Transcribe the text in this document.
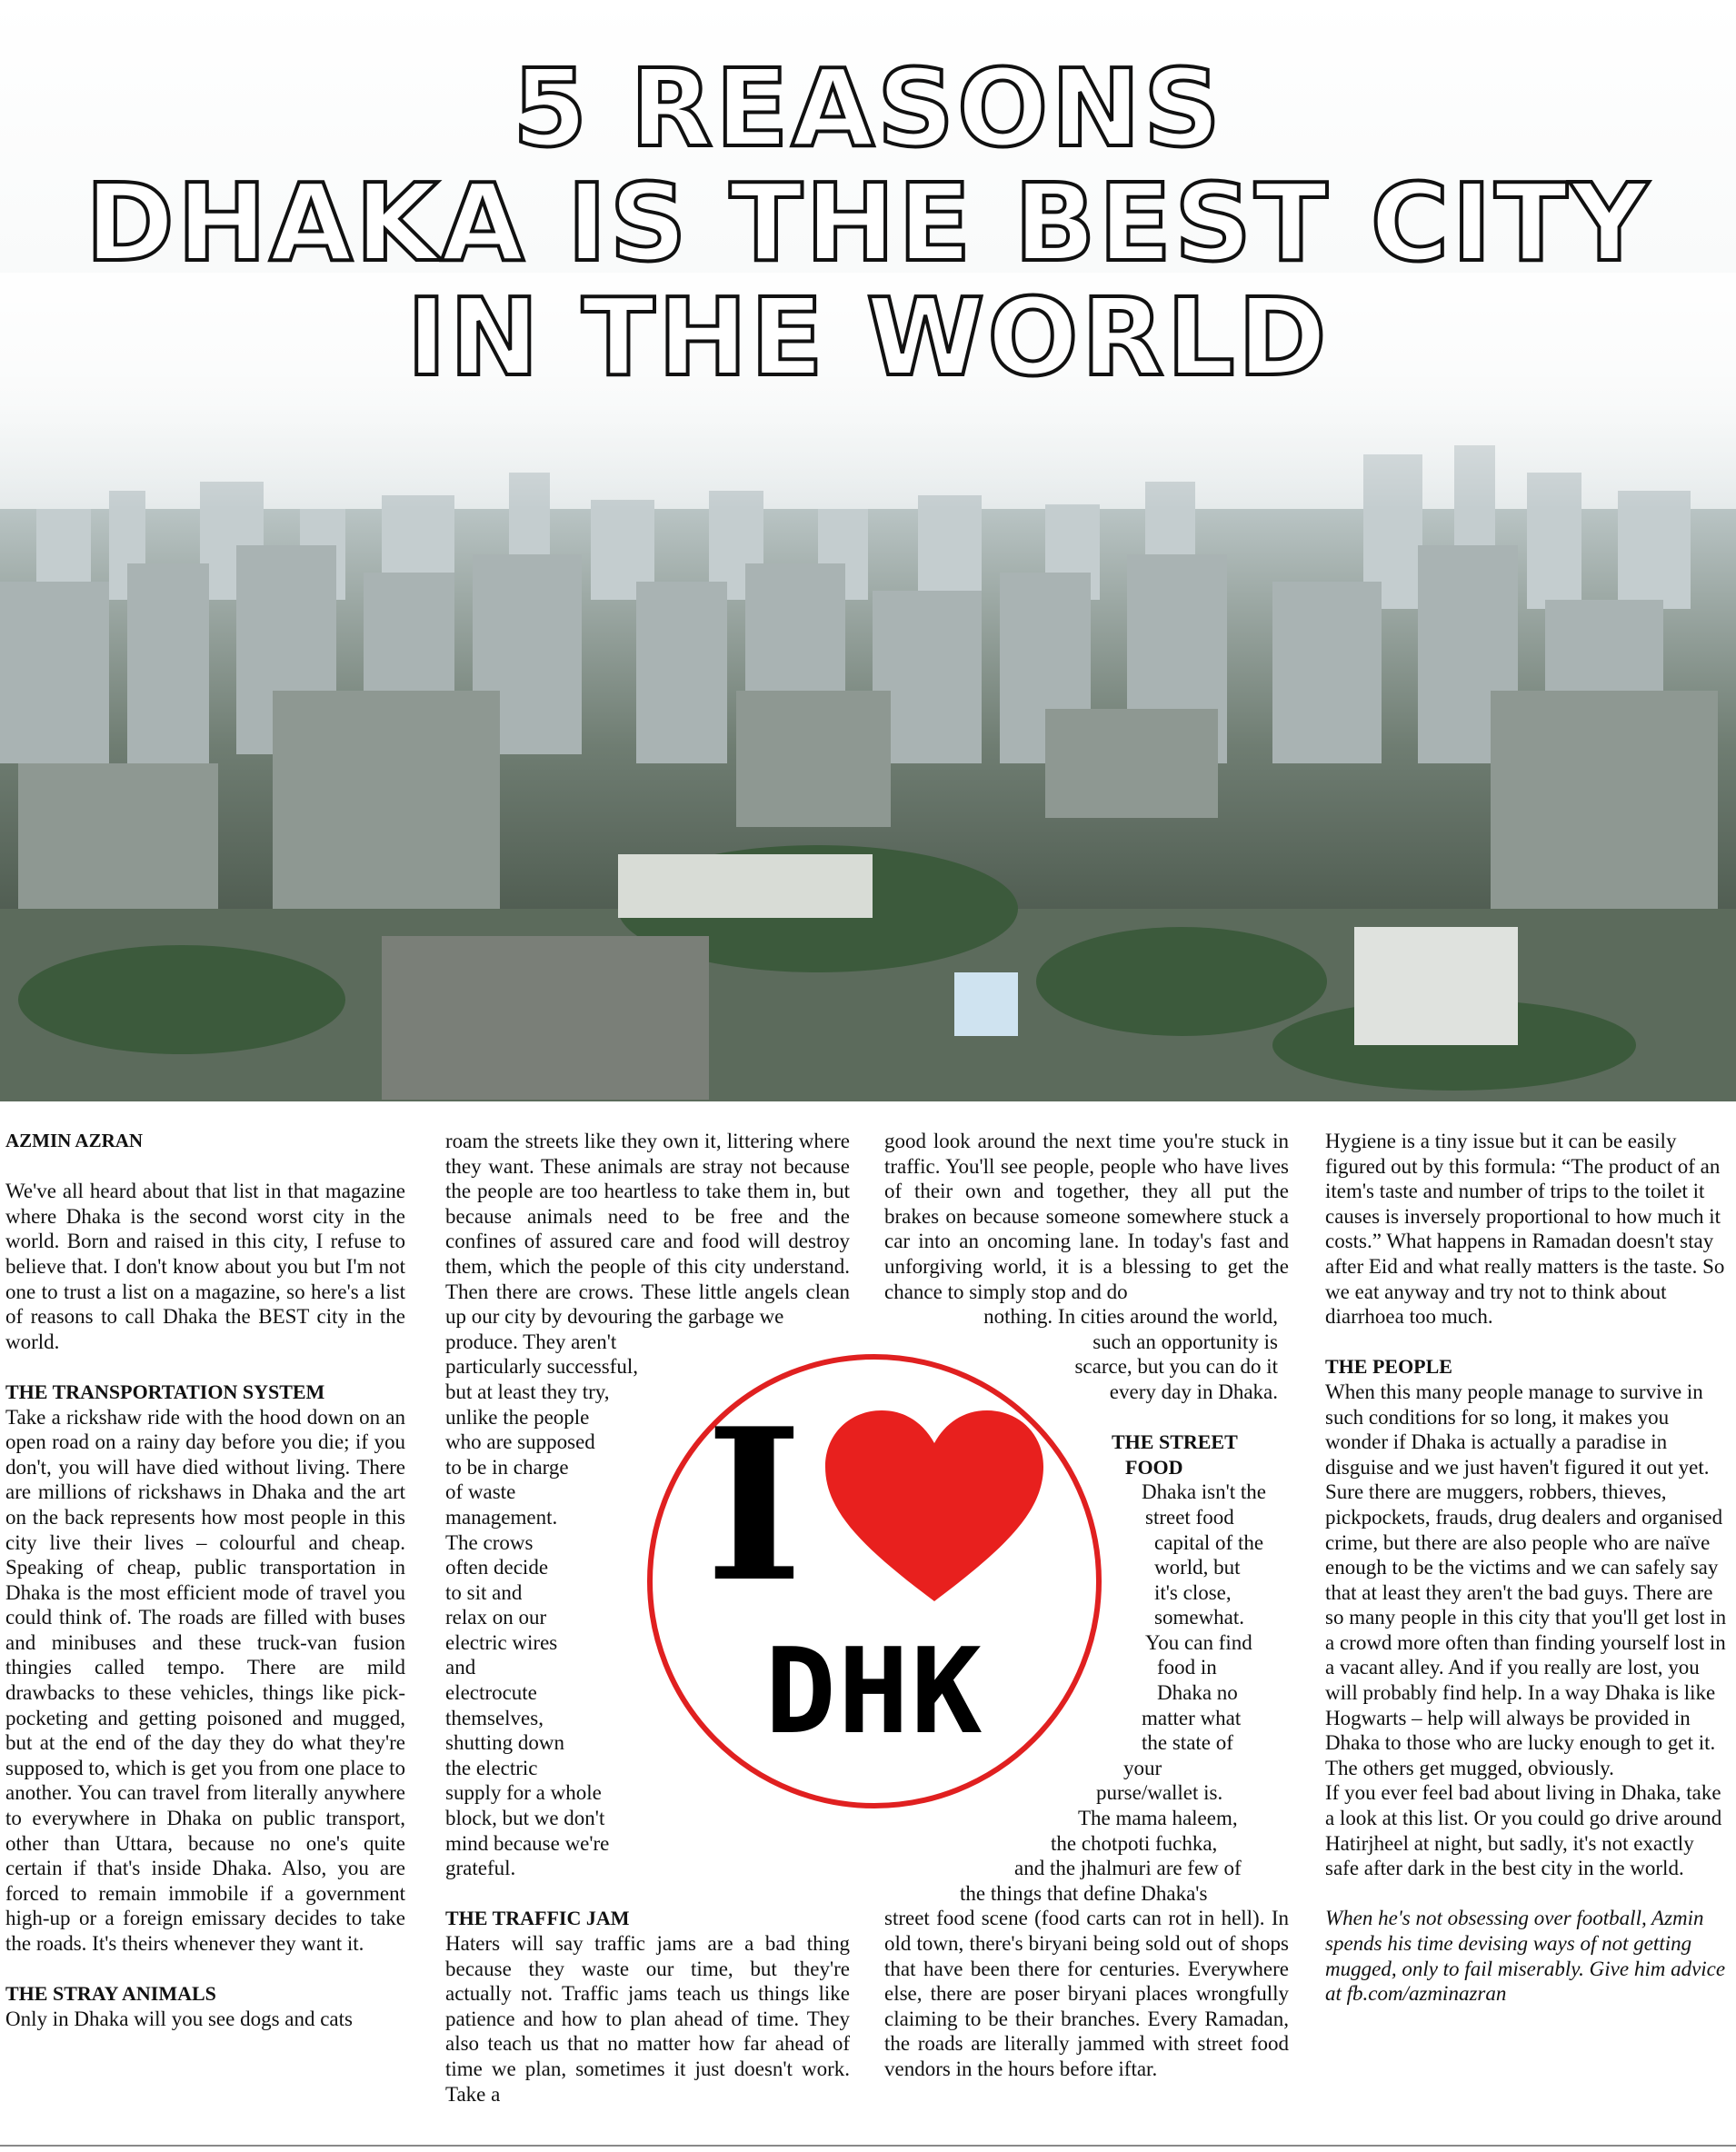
5 REASONS
DHAKA IS THE BEST CITY
IN THE WORLD

AZMIN AZRAN

We've all heard about that list in that magazine where Dhaka is the second worst city in the world. Born and raised in this city, I refuse to believe that. I don't know about you but I'm not one to trust a list on a magazine, so here's a list of reasons to call Dhaka the BEST city in the world.

THE TRANSPORTATION SYSTEM

Take a rickshaw ride with the hood down on an open road on a rainy day before you die; if you don't, you will have died without living. There are millions of rickshaws in Dhaka and the art on the back represents how most people in this city live their lives – colourful and cheap. Speaking of cheap, public transportation in Dhaka is the most efficient mode of travel you could think of. The roads are filled with buses and minibuses and these truck-van fusion thingies called tempo. There are mild drawbacks to these vehicles, things like pick-pocketing and getting poisoned and mugged, but at the end of the day they do what they're supposed to, which is get you from one place to another. You can travel from literally anywhere to everywhere in Dhaka on public transport, other than Uttara, because no one's quite certain if that's inside Dhaka. Also, you are forced to remain immobile if a government high-up or a foreign emissary decides to take the roads. It's theirs whenever they want it.

THE STRAY ANIMALS

Only in Dhaka will you see dogs and cats

roam the streets like they own it, littering where they want. These animals are stray not because the people are too heartless to take them in, but because animals need to be free and the confines of assured care and food will destroy them, which the people of this city understand. Then there are crows. These little angels clean up our city by devouring the garbage we

produce. They aren't
particularly successful,
but at least they try,
unlike the people
who are supposed
to be in charge
of waste
management.
The crows
often decide
to sit and
relax on our
electric wires
and
electrocute
themselves,
shutting down
the electric
supply for a whole
block, but we don't
mind because we're
grateful.
THE TRAFFIC JAM

Haters will say traffic jams are a bad thing because they waste our time, but they're actually not. Traffic jams teach us things like patience and how to plan ahead of time. They also teach us that no matter how far ahead of time we plan, sometimes it just doesn't work. Take a

good look around the next time you're stuck in traffic. You'll see people, people who have lives of their own and together, they all put the brakes on because someone somewhere stuck a car into an oncoming lane. In today's fast and unforgiving world, it is a blessing to get the chance to simply stop and do

nothing. In cities around the world,
such an opportunity is
scarce, but you can do it
every day in Dhaka.
THE STREET
FOOD
Dhaka isn't the
street food
capital of the
world, but
it's close,
somewhat.
You can find
food in
Dhaka no
matter what
the state of
your
purse/wallet is.
The mama haleem,
the chotpoti fuchka,
and the jhalmuri are few of
the things that define Dhaka's

street food scene (food carts can rot in hell). In old town, there's biryani being sold out of shops that have been there for centuries. Everywhere else, there are poser biryani places wrongfully claiming to be their branches. Every Ramadan, the roads are literally jammed with street food vendors in the hours before iftar.

Hygiene is a tiny issue but it can be easily figured out by this formula: “The product of an item's taste and number of trips to the toilet it causes is inversely proportional to how much it costs.” What happens in Ramadan doesn't stay after Eid and what really matters is the taste. So we eat anyway and try not to think about diarrhoea too much.

THE PEOPLE

When this many people manage to survive in such conditions for so long, it makes you wonder if Dhaka is actually a paradise in disguise and we just haven't figured it out yet. Sure there are muggers, robbers, thieves, pickpockets, frauds, drug dealers and organised crime, but there are also people who are naïve enough to be the victims and we can safely say that at least they aren't the bad guys. There are so many people in this city that you'll get lost in a crowd more often than finding yourself lost in a vacant alley. And if you really are lost, you will probably find help. In a way Dhaka is like Hogwarts – help will always be provided in Dhaka to those who are lucky enough to get it. The others get mugged, obviously.

If you ever feel bad about living in Dhaka, take a look at this list. Or you could go drive around Hatirjheel at night, but sadly, it's not exactly safe after dark in the best city in the world.

When he's not obsessing over football, Azmin spends his time devising ways of not getting mugged, only to fail miserably. Give him advice at fb.com/azminazran

I
DHK
